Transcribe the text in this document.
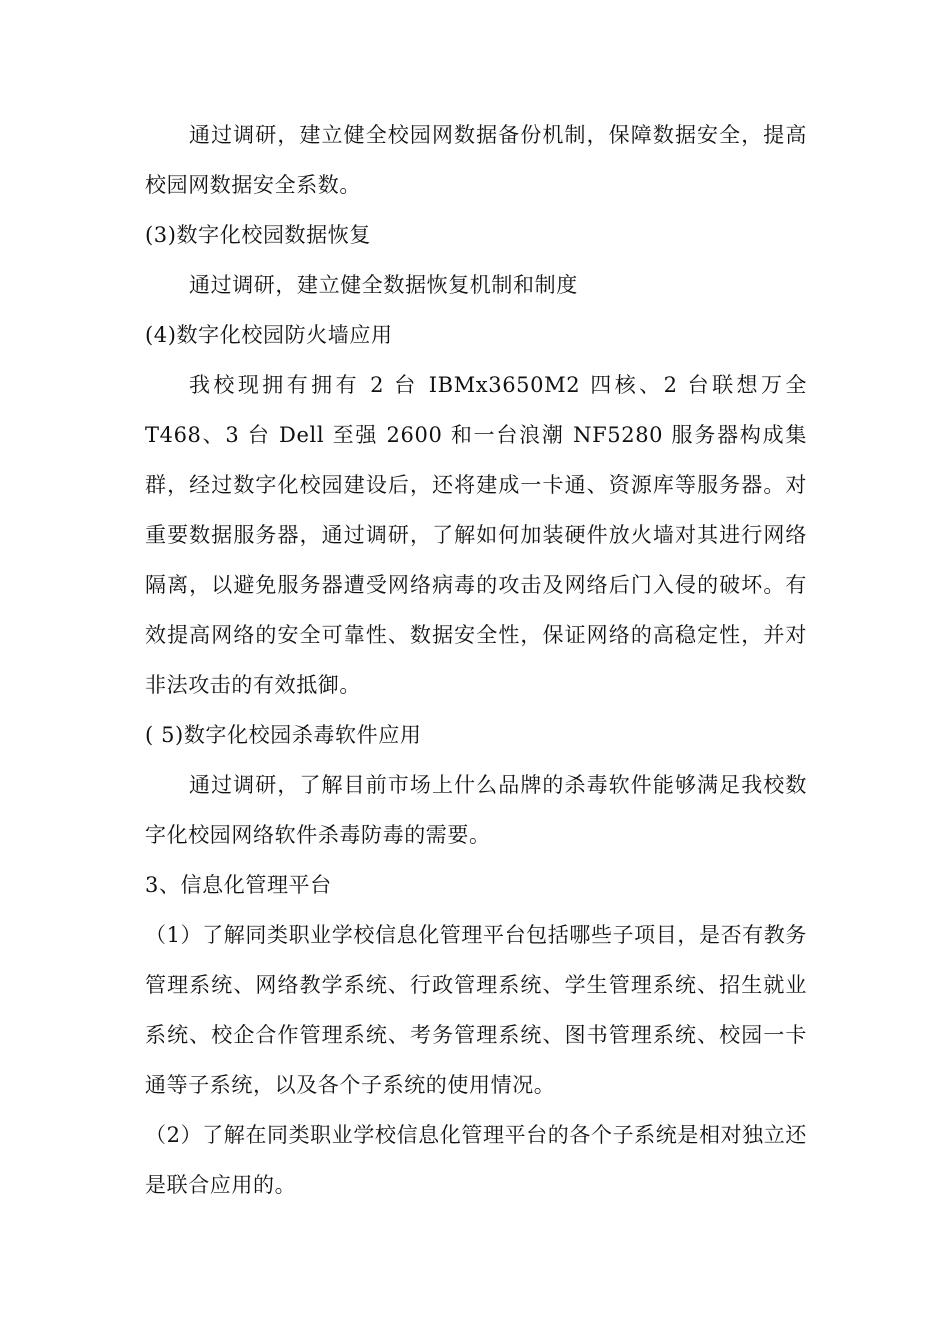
通过调研，建立健全校园网数据备份机制，保障数据安全，提高校园网数据安全系数。

(3)数字化校园数据恢复

通过调研，建立健全数据恢复机制和制度

(4)数字化校园防火墙应用

我校现拥有拥有 2 台 IBMx3650M2 四核、2 台联想万全 T468、3 台 Dell 至强 2600 和一台浪潮 NF5280 服务器构成集群，经过数字化校园建设后，还将建成一卡通、资源库等服务器。对重要数据服务器，通过调研，了解如何加装硬件放火墙对其进行网络隔离，以避免服务器遭受网络病毒的攻击及网络后门入侵的破坏。有效提高网络的安全可靠性、数据安全性，保证网络的高稳定性，并对非法攻击的有效抵御。

( 5)数字化校园杀毒软件应用

通过调研，了解目前市场上什么品牌的杀毒软件能够满足我校数字化校园网络软件杀毒防毒的需要。

3、信息化管理平台

（1）了解同类职业学校信息化管理平台包括哪些子项目，是否有教务管理系统、网络教学系统、行政管理系统、学生管理系统、招生就业系统、校企合作管理系统、考务管理系统、图书管理系统、校园一卡通等子系统，以及各个子系统的使用情况。

（2）了解在同类职业学校信息化管理平台的各个子系统是相对独立还是联合应用的。
